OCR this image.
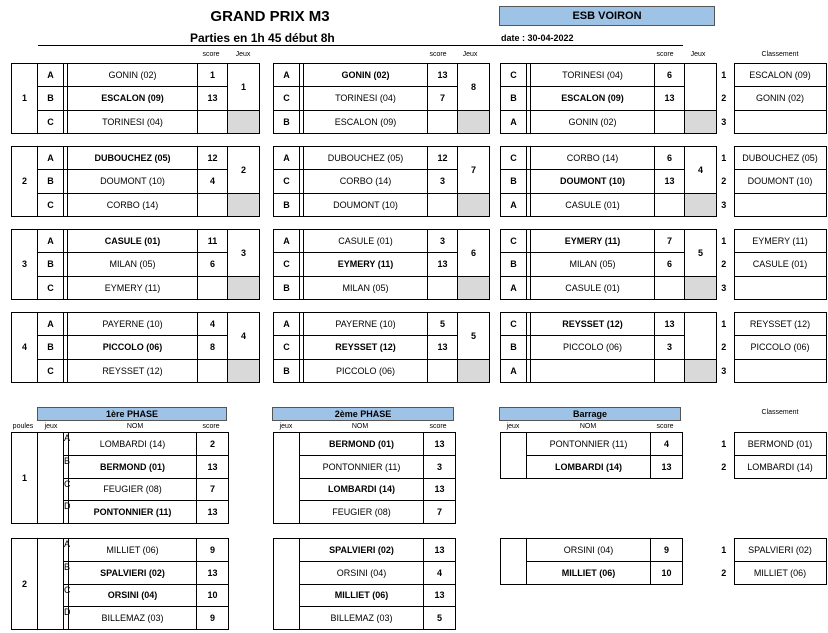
GRAND PRIX M3
Parties en 1h 45 début 8h
ESB VOIRON
date : 30-04-2022
score	Jeux	score	Jeux	score	Jeux	Classement
1	A		GONIN (02)	1	1
	B		ESCALON (09)	13	
	C		TORINESI (04)		
A		GONIN (02)	13	8
C		TORINESI (04)	7	
B		ESCALON (09)		
C		TORINESI (04)	6	
B		ESCALON (09)	13	
A		GONIN (02)		
1	ESCALON (09)
2	GONIN (02)
3	
2	A		DUBOUCHEZ (05)	12	2
	B		DOUMONT (10)	4	
	C		CORBO (14)		
A		DUBOUCHEZ (05)	12	7
C		CORBO (14)	3	
B		DOUMONT (10)		
C		CORBO (14)	6	4
B		DOUMONT (10)	13	
A		CASULE (01)		
1	DUBOUCHEZ (05)
2	DOUMONT (10)
3	
3	A		CASULE (01)	11	3
	B		MILAN (05)	6	
	C		EYMERY (11)		
A		CASULE (01)	3	6
C		EYMERY (11)	13	
B		MILAN (05)		
C		EYMERY (11)	7	5
B		MILAN (05)	6	
A		CASULE (01)		
1	EYMERY (11)
2	CASULE (01)
3	
4	A		PAYERNE (10)	4	4
	B		PICCOLO (06)	8	
	C		REYSSET (12)		
A		PAYERNE (10)	5	5
C		REYSSET (12)	13	
B		PICCOLO (06)		
C		REYSSET (12)	13	
B		PICCOLO (06)	3	
A				
1	REYSSET (12)
2	PICCOLO (06)
3	
1ère PHASE	2ème PHASE	Barrage	Classement
poules	jeux	NOM	score	jeux	NOM	score	jeux	NOM	score
1		A	LOMBARDI (14)	2
		B	BERMOND (01)	13
		C	FEUGIER (08)	7
		D	PONTONNIER (11)	13
	BERMOND (01)	13
	PONTONNIER (11)	3
	LOMBARDI (14)	13
	FEUGIER (08)	7
	PONTONNIER (11)	4
	LOMBARDI (14)	13
1	BERMOND (01)
2	LOMBARDI (14)
2		A	MILLIET (06)	9
		B	SPALVIERI (02)	13
		C	ORSINI (04)	10
		D	BILLEMAZ (03)	9
	SPALVIERI (02)	13
	ORSINI (04)	4
	MILLIET (06)	13
	BILLEMAZ (03)	5
	ORSINI (04)	9
	MILLIET (06)	10
1	SPALVIERI (02)
2	MILLIET (06)
